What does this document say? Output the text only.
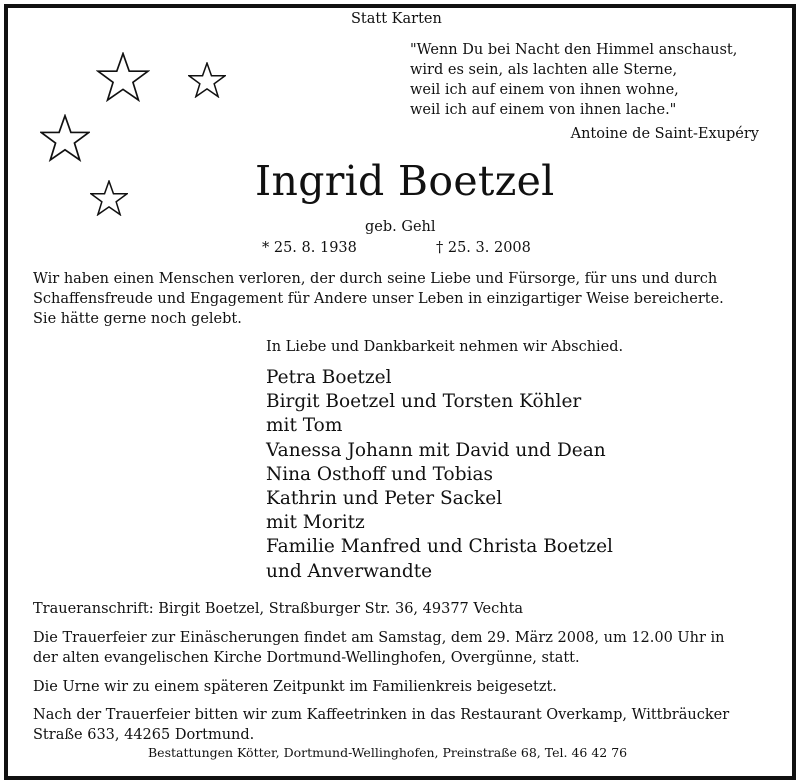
Statt Karten
"Wenn Du bei Nacht den Himmel anschaust,
wird es sein, als lachten alle Sterne,
weil ich auf einem von ihnen wohne,
weil ich auf einem von ihnen lache."
Antoine de Saint-Exupéry
Ingrid Boetzel
geb. Gehl
* 25. 8. 1938	† 25. 3. 2008
Wir haben einen Menschen verloren, der durch seine Liebe und Fürsorge, für uns und durch
Schaffensfreude und Engagement für Andere unser Leben in einzigartiger Weise bereicherte.
Sie hätte gerne noch gelebt.
In Liebe und Dankbarkeit nehmen wir Abschied.
Petra Boetzel
Birgit Boetzel und Torsten Köhler
mit Tom
Vanessa Johann mit David und Dean
Nina Osthoff und Tobias
Kathrin und Peter Sackel
mit Moritz
Familie Manfred und Christa Boetzel
und Anverwandte
Traueranschrift: Birgit Boetzel, Straßburger Str. 36, 49377 Vechta
Die Trauerfeier zur Einäscherungen findet am Samstag, dem 29. März 2008, um 12.00 Uhr in
der alten evangelischen Kirche Dortmund-Wellinghofen, Overgünne, statt.
Die Urne wir zu einem späteren Zeitpunkt im Familienkreis beigesetzt.
Nach der Trauerfeier bitten wir zum Kaffeetrinken in das Restaurant Overkamp, Wittbräucker
Straße 633, 44265 Dortmund.
Bestattungen Kötter, Dortmund-Wellinghofen, Preinstraße 68, Tel. 46 42 76
